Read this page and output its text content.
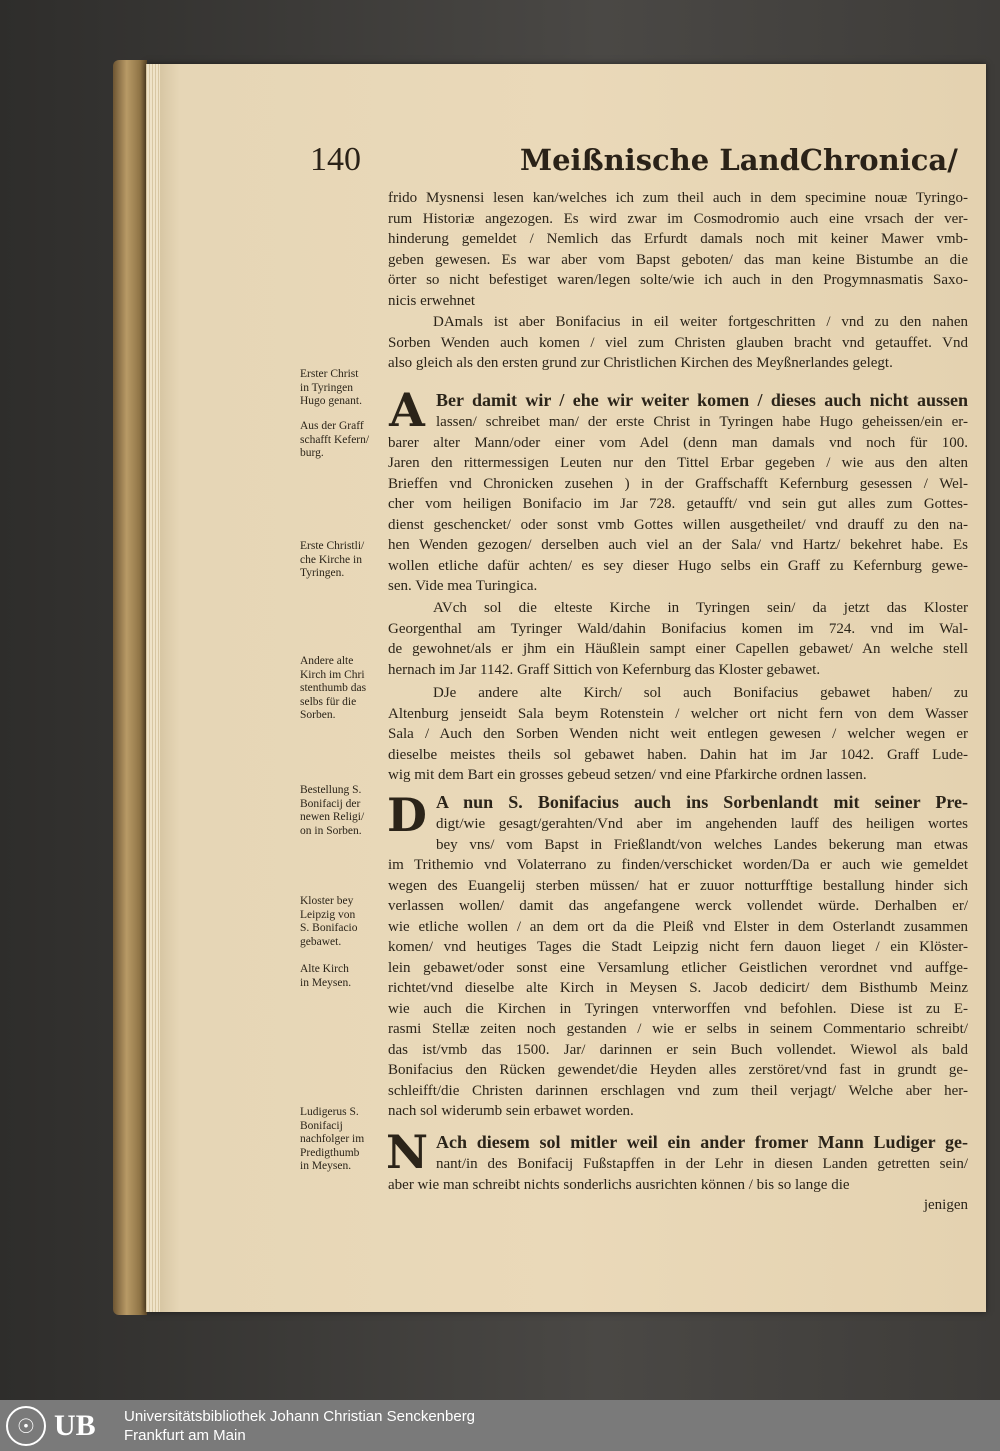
140	Meißnische LandChronica/
frido Mysnensi lesen kan/welches ich zum theil auch in dem specimine nouæ Tyringo-
rum Historiæ angezogen. Es wird zwar im Cosmodromio auch eine vrsach der ver-
hinderung gemeldet / Nemlich das Erfurdt damals noch mit keiner Mawer vmb-
geben gewesen. Es war aber vom Bapst geboten/ das man keine Bistumbe an die
örter so nicht befestiget waren/legen solte/wie ich auch in den Progymnasmatis Saxo-
nicis erwehnet
DAmals ist aber Bonifacius in eil weiter fortgeschritten / vnd zu den nahen
Sorben Wenden auch komen / viel zum Christen glauben bracht vnd getauffet. Vnd
also gleich als den ersten grund zur Christlichen Kirchen des Meyßnerlandes gelegt.
Ber damit wir / ehe wir weiter komen / dieses auch nicht aussen
lassen/ schreibet man/ der erste Christ in Tyringen habe Hugo geheissen/ein er-
barer alter Mann/oder einer vom Adel (denn man damals vnd noch für 100.
Jaren den rittermessigen Leuten nur den Tittel Erbar gegeben / wie aus den alten
Brieffen vnd Chronicken zusehen ) in der Graffschafft Kefernburg gesessen / Wel-
cher vom heiligen Bonifacio im Jar 728. getaufft/ vnd sein gut alles zum Gottes-
dienst geschencket/ oder sonst vmb Gottes willen ausgetheilet/ vnd drauff zu den na-
hen Wenden gezogen/ derselben auch viel an der Sala/ vnd Hartz/ bekehret habe. Es
wollen etliche dafür achten/ es sey dieser Hugo selbs ein Graff zu Kefernburg gewe-
sen. Vide mea Turingica.
A
AVch sol die elteste Kirche in Tyringen sein/ da jetzt das Kloster
Georgenthal am Tyringer Wald/dahin Bonifacius komen im 724. vnd im Wal-
de gewohnet/als er jhm ein Häußlein sampt einer Capellen gebawet/ An welche stell
hernach im Jar 1142. Graff Sittich von Kefernburg das Kloster gebawet.
DJe andere alte Kirch/ sol auch Bonifacius gebawet haben/ zu
Altenburg jenseidt Sala beym Rotenstein / welcher ort nicht fern von dem Wasser
Sala / Auch den Sorben Wenden nicht weit entlegen gewesen / welcher wegen er
dieselbe meistes theils sol gebawet haben. Dahin hat im Jar 1042. Graff Lude-
wig mit dem Bart ein grosses gebeud setzen/ vnd eine Pfarkirche ordnen lassen.
A nun S. Bonifacius auch ins Sorbenlandt mit seiner Pre-
digt/wie gesagt/gerahten/Vnd aber im angehenden lauff des heiligen wortes
bey vns/ vom Bapst in Frießlandt/von welches Landes bekerung man etwas
im Trithemio vnd Volaterrano zu finden/verschicket worden/Da er auch wie gemeldet
wegen des Euangelij sterben müssen/ hat er zuuor notturfftige bestallung hinder sich
verlassen wollen/ damit das angefangene werck vollendet würde. Derhalben er/
wie etliche wollen / an dem ort da die Pleiß vnd Elster in dem Osterlandt zusammen
komen/ vnd heutiges Tages die Stadt Leipzig nicht fern dauon lieget / ein Klöster-
lein gebawet/oder sonst eine Versamlung etlicher Geistlichen verordnet vnd auffge-
richtet/vnd dieselbe alte Kirch in Meysen S. Jacob dedicirt/ dem Bisthumb Meinz
wie auch die Kirchen in Tyringen vnterworffen vnd befohlen. Diese ist zu E-
rasmi Stellæ zeiten noch gestanden / wie er selbs in seinem Commentario schreibt/
das ist/vmb das 1500. Jar/ darinnen er sein Buch vollendet. Wiewol als bald
Bonifacius den Rücken gewendet/die Heyden alles zerstöret/vnd fast in grundt ge-
schleifft/die Christen darinnen erschlagen vnd zum theil verjagt/ Welche aber her-
nach sol widerumb sein erbawet worden.
D
Ach diesem sol mitler weil ein ander fromer Mann Ludiger ge-
nant/in des Bonifacij Fußstapffen in der Lehr in diesen Landen getretten sein/
aber wie man schreibt nichts sonderlichs ausrichten können / bis so lange die
jenigen
N
Erster Christ
in Tyringen
Hugo genant.
Aus der Graff
schafft Kefern/
burg.
Erste Christli/
che Kirche in
Tyringen.
Andere alte
Kirch im Chri
stenthumb das
selbs für die
Sorben.
Bestellung S.
Bonifacij der
newen Religi/
on in Sorben.
Kloster bey
Leipzig von
S. Bonifacio
gebawet.
Alte Kirch
in Meysen.
Ludigerus S.
Bonifacij
nachfolger im
Predigthumb
in Meysen.
☉ UB Universitätsbibliothek Johann Christian Senckenberg
Frankfurt am Main
